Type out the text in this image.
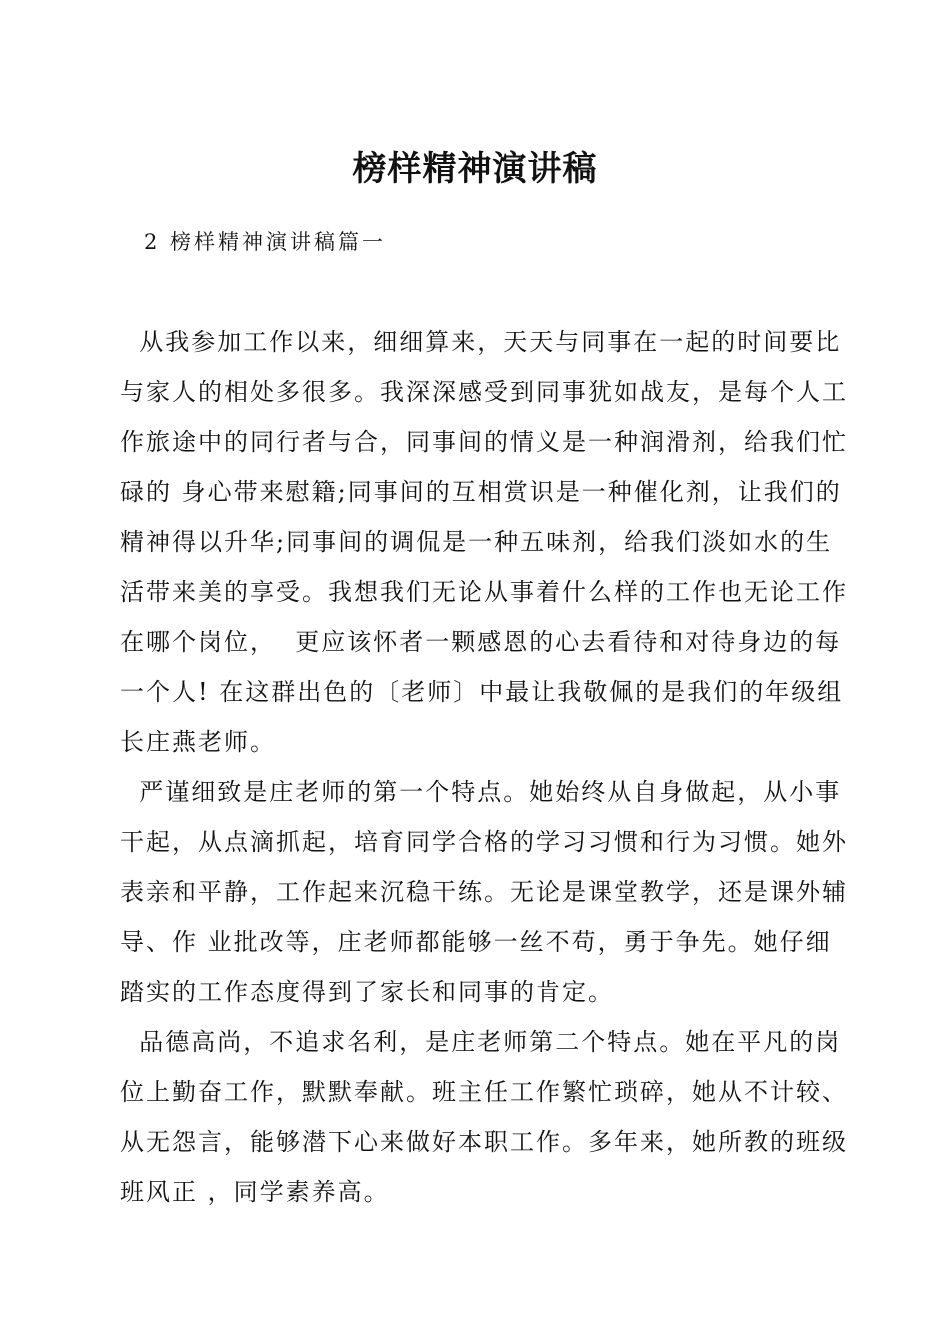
榜样精神演讲稿
2 榜样精神演讲稿篇一
从我参加工作以来，细细算来，天天与同事在一起的时间要比
与家人的相处多很多。我深深感受到同事犹如战友，是每个人工
作旅途中的同行者与合，同事间的情义是一种润滑剂，给我们忙
碌的 身心带来慰籍;同事间的互相赏识是一种催化剂，让我们的
精神得以升华;同事间的调侃是一种五味剂，给我们淡如水的生
活带来美的享受。我想我们无论从事着什么样的工作也无论工作
在哪个岗位，  更应该怀者一颗感恩的心去看待和对待身边的每
一个人! 在这群出色的〔老师〕中最让我敬佩的是我们的年级组
长庄燕老师。
严谨细致是庄老师的第一个特点。她始终从自身做起，从小事
干起，从点滴抓起，培育同学合格的学习习惯和行为习惯。她外
表亲和平静，工作起来沉稳干练。无论是课堂教学，还是课外辅
导、作 业批改等，庄老师都能够一丝不苟，勇于争先。她仔细
踏实的工作态度得到了家长和同事的肯定。
品德高尚，不追求名利，是庄老师第二个特点。她在平凡的岗
位上勤奋工作，默默奉献。班主任工作繁忙琐碎，她从不计较、
从无怨言，能够潜下心来做好本职工作。多年来，她所教的班级
班风正 ，同学素养高。
